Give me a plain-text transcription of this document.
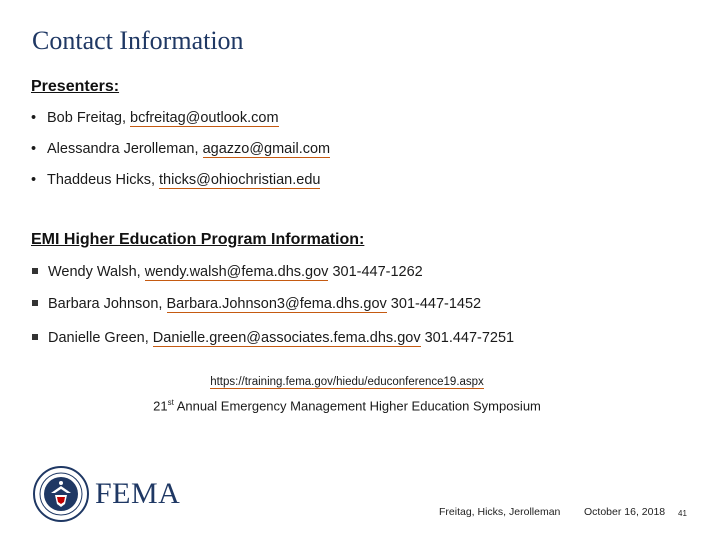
Contact Information
Presenters:
• Bob Freitag, bcfreitag@outlook.com
• Alessandra Jerolleman, agazzo@gmail.com
• Thaddeus Hicks, thicks@ohiochristian.edu
EMI Higher Education Program Information:
Wendy Walsh, wendy.walsh@fema.dhs.gov 301-447-1262
Barbara Johnson, Barbara.Johnson3@fema.dhs.gov 301-447-1452
Danielle Green, Danielle.green@associates.fema.dhs.gov 301.447-7251
https://training.fema.gov/hiedu/educonference19.aspx
21st Annual Emergency Management Higher Education Symposium
FEMA
Freitag, Hicks, Jerolleman October 16, 2018 41
